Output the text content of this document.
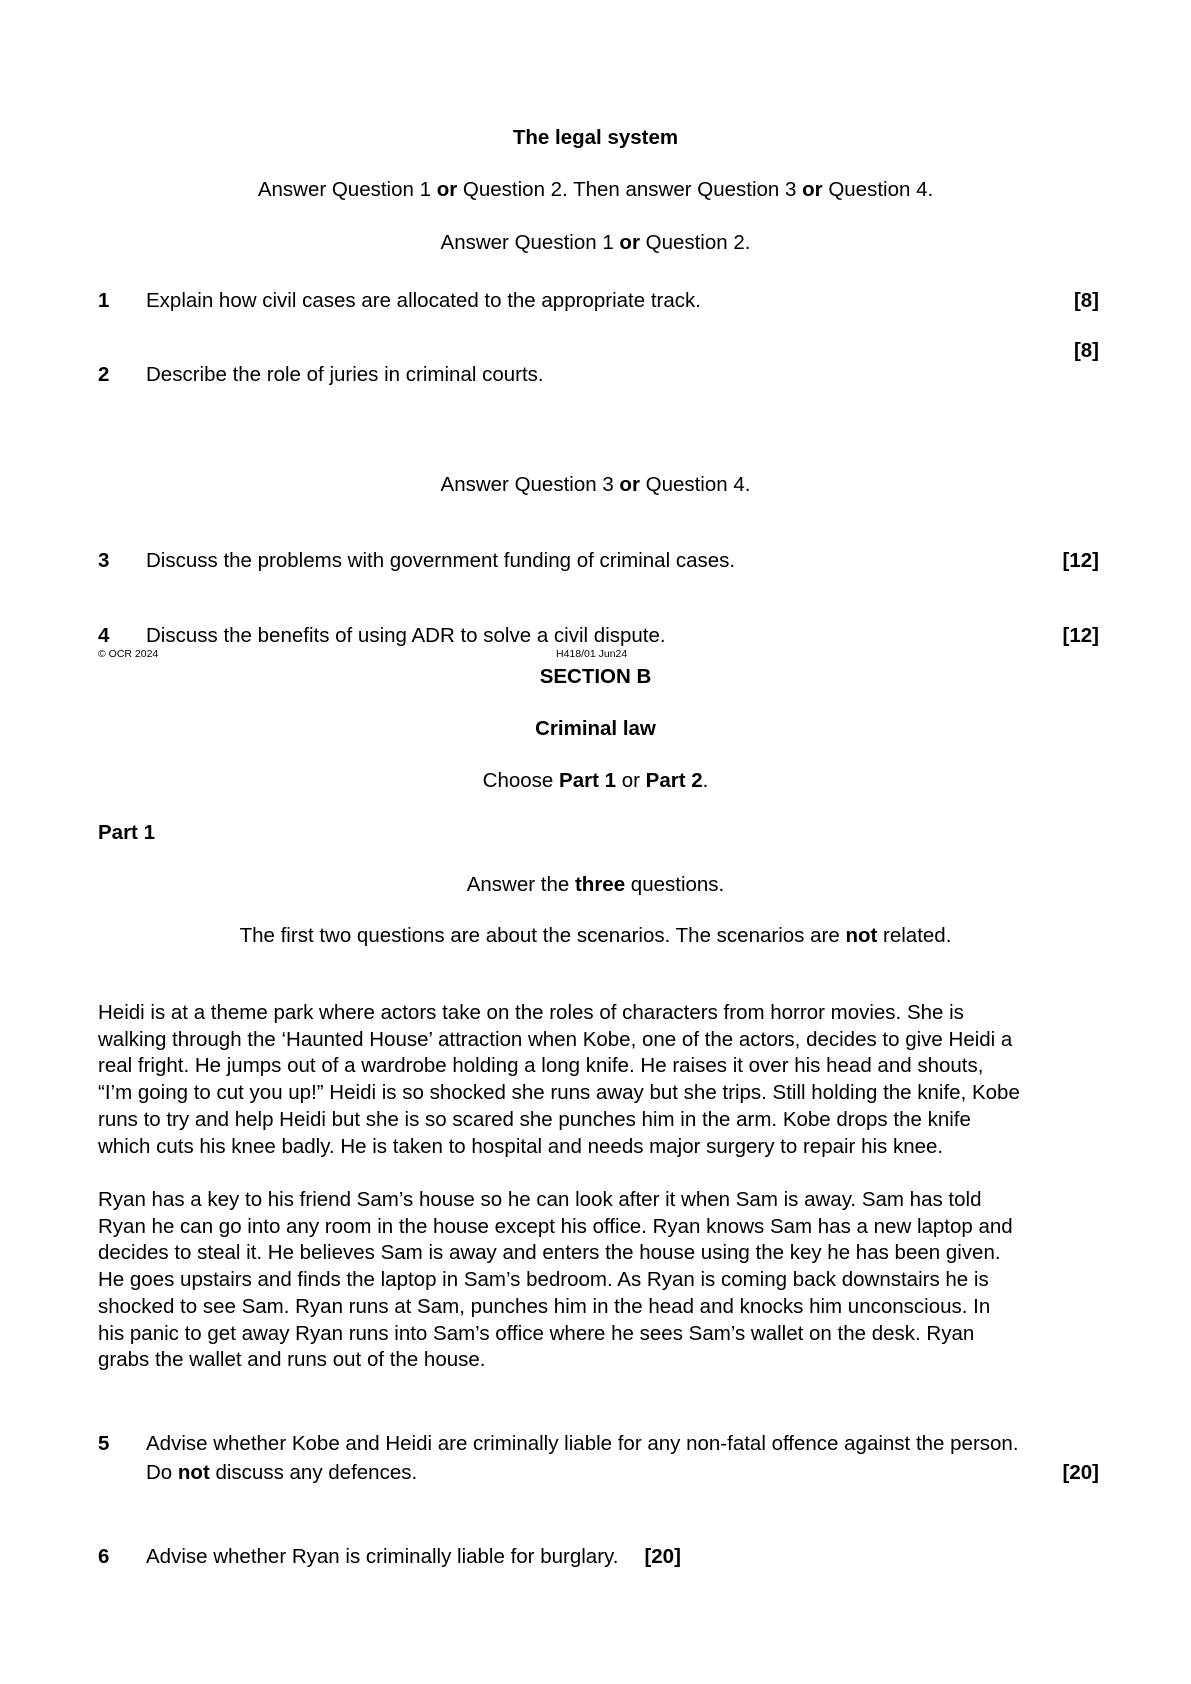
The legal system
Answer Question 1 or Question 2. Then answer Question 3 or Question 4.
Answer Question 1 or Question 2.
1 Explain how civil cases are allocated to the appropriate track.	[8]
[8]
2 Describe the role of juries in criminal courts.
Answer Question 3 or Question 4.
3 Discuss the problems with government funding of criminal cases.	[12]
4 Discuss the benefits of using ADR to solve a civil dispute.	[12]
© OCR 2024	H418/01 Jun24
SECTION B
Criminal law
Choose Part 1 or Part 2.
Part 1
Answer the three questions.
The first two questions are about the scenarios. The scenarios are not related.

Heidi is at a theme park where actors take on the roles of characters from horror movies. She is

walking through the ‘Haunted House’ attraction when Kobe, one of the actors, decides to give Heidi a

real fright. He jumps out of a wardrobe holding a long knife. He raises it over his head and shouts,

“I’m going to cut you up!” Heidi is so shocked she runs away but she trips. Still holding the knife, Kobe

runs to try and help Heidi but she is so scared she punches him in the arm. Kobe drops the knife

which cuts his knee badly. He is taken to hospital and needs major surgery to repair his knee.

Ryan has a key to his friend Sam’s house so he can look after it when Sam is away. Sam has told

Ryan he can go into any room in the house except his office. Ryan knows Sam has a new laptop and

decides to steal it. He believes Sam is away and enters the house using the key he has been given.

He goes upstairs and finds the laptop in Sam’s bedroom. As Ryan is coming back downstairs he is

shocked to see Sam. Ryan runs at Sam, punches him in the head and knocks him unconscious. In

his panic to get away Ryan runs into Sam’s office where he sees Sam’s wallet on the desk. Ryan

grabs the wallet and runs out of the house.

5 Advise whether Kobe and Heidi are criminally liable for any non-fatal offence against the person.
Do not discuss any defences.	[20]
6 Advise whether Ryan is criminally liable for burglary. [20]
